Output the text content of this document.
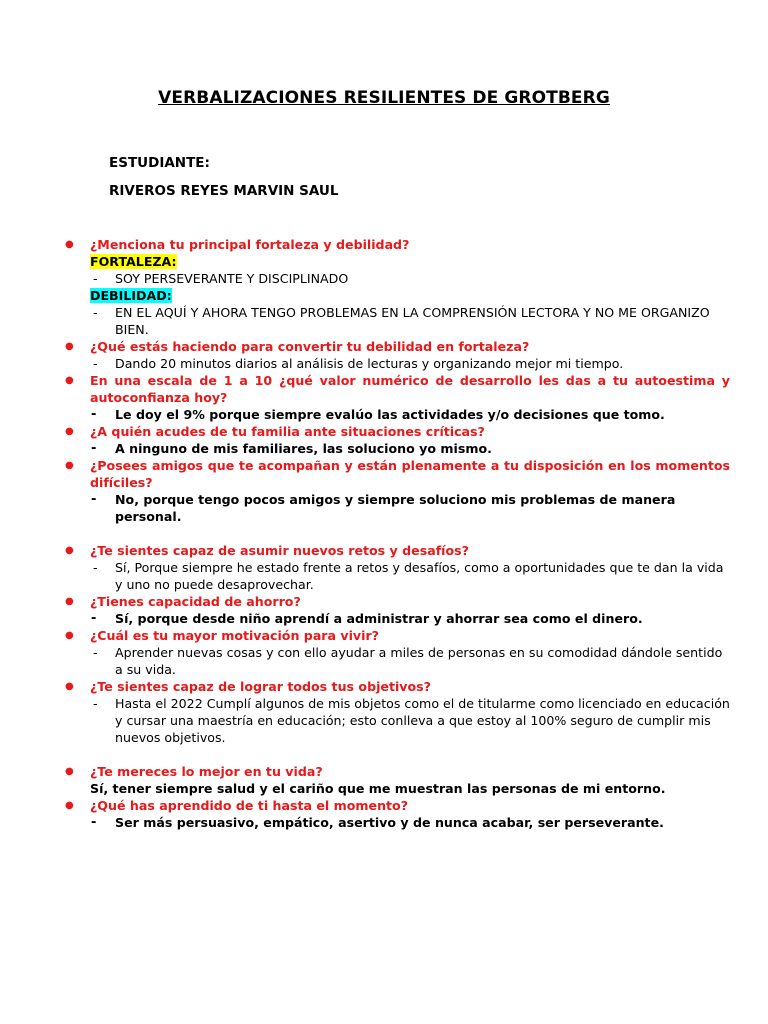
VERBALIZACIONES RESILIENTES DE GROTBERG
ESTUDIANTE:
RIVEROS REYES MARVIN SAUL
● ¿Menciona tu principal fortaleza y debilidad?
FORTALEZA:
- SOY PERSEVERANTE Y DISCIPLINADO
DEBILIDAD:
- EN EL AQUÍ Y AHORA TENGO PROBLEMAS EN LA COMPRENSIÓN LECTORA Y NO ME ORGANIZO BIEN.
● ¿Qué estás haciendo para convertir tu debilidad en fortaleza?
- Dando 20 minutos diarios al análisis de lecturas y organizando mejor mi tiempo.
● En una escala de 1 a 10 ¿qué valor numérico de desarrollo les das a tu autoestima y autoconfianza hoy?
- Le doy el 9% porque siempre evalúo las actividades y/o decisiones que tomo.
● ¿A quién acudes de tu familia ante situaciones críticas?
- A ninguno de mis familiares, las soluciono yo mismo.
● ¿Posees amigos que te acompañan y están plenamente a tu disposición en los momentos difíciles?
- No, porque tengo pocos amigos y siempre soluciono mis problemas de manera personal.
● ¿Te sientes capaz de asumir nuevos retos y desafíos?
- Sí, Porque siempre he estado frente a retos y desafíos, como a oportunidades que te dan la vida y uno no puede desaprovechar.
● ¿Tienes capacidad de ahorro?
- Sí, porque desde niño aprendí a administrar y ahorrar sea como el dinero.
● ¿Cuál es tu mayor motivación para vivir?
- Aprender nuevas cosas y con ello ayudar a miles de personas en su comodidad dándole sentido a su vida.
● ¿Te sientes capaz de lograr todos tus objetivos?
- Hasta el 2022 Cumplí algunos de mis objetos como el de titularme como licenciado en educación y cursar una maestría en educación; esto conlleva a que estoy al 100% seguro de cumplir mis nuevos objetivos.
● ¿Te mereces lo mejor en tu vida?
Sí, tener siempre salud y el cariño que me muestran las personas de mi entorno.
● ¿Qué has aprendido de ti hasta el momento?
- Ser más persuasivo, empático, asertivo y de nunca acabar, ser perseverante.
